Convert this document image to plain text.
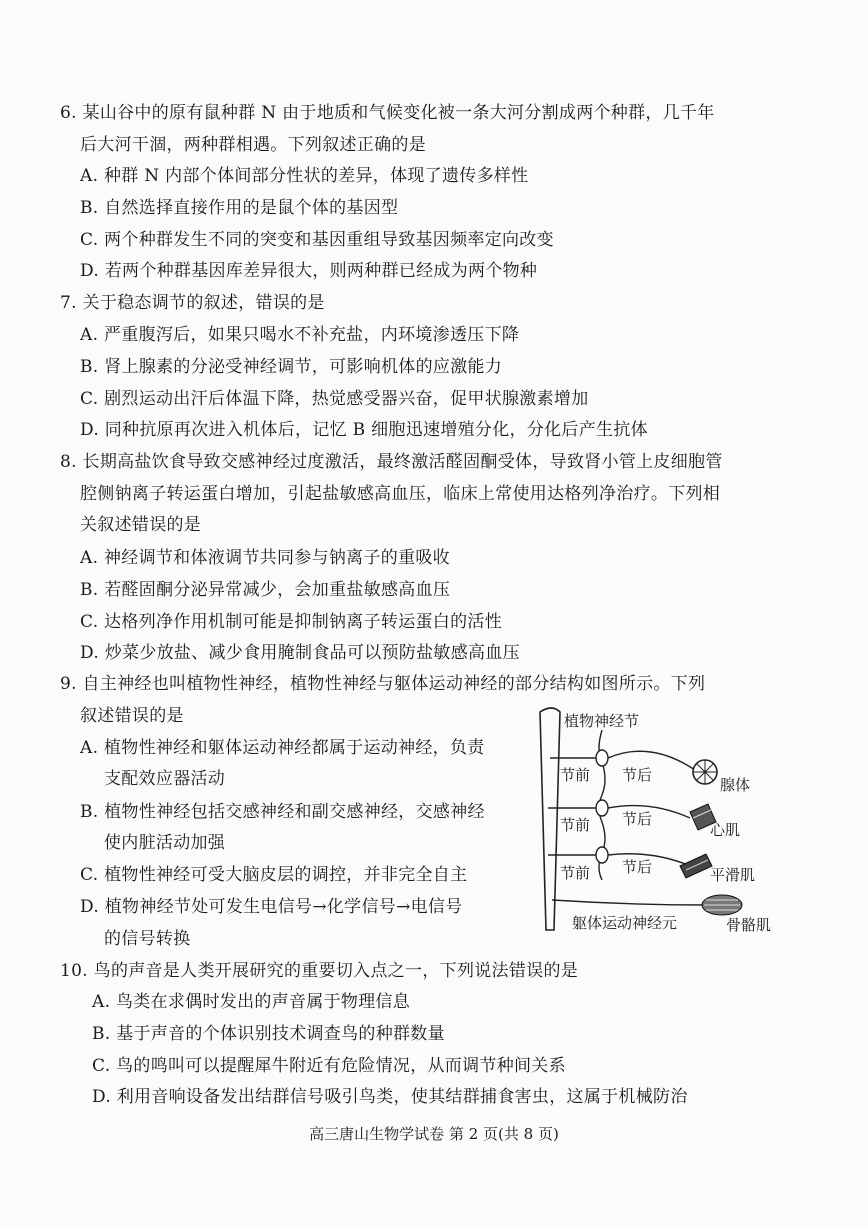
6. 某山谷中的原有鼠种群 N 由于地质和气候变化被一条大河分割成两个种群，几千年
后大河干涸，两种群相遇。下列叙述正确的是
A. 种群 N 内部个体间部分性状的差异，体现了遗传多样性
B. 自然选择直接作用的是鼠个体的基因型
C. 两个种群发生不同的突变和基因重组导致基因频率定向改变
D. 若两个种群基因库差异很大，则两种群已经成为两个物种
7. 关于稳态调节的叙述，错误的是
A. 严重腹泻后，如果只喝水不补充盐，内环境渗透压下降
B. 肾上腺素的分泌受神经调节，可影响机体的应激能力
C. 剧烈运动出汗后体温下降，热觉感受器兴奋，促甲状腺激素增加
D. 同种抗原再次进入机体后，记忆 B 细胞迅速增殖分化，分化后产生抗体
8. 长期高盐饮食导致交感神经过度激活，最终激活醛固酮受体，导致肾小管上皮细胞管
腔侧钠离子转运蛋白增加，引起盐敏感高血压，临床上常使用达格列净治疗。下列相
关叙述错误的是
A. 神经调节和体液调节共同参与钠离子的重吸收
B. 若醛固酮分泌异常减少，会加重盐敏感高血压
C. 达格列净作用机制可能是抑制钠离子转运蛋白的活性
D. 炒菜少放盐、减少食用腌制食品可以预防盐敏感高血压
9. 自主神经也叫植物性神经，植物性神经与躯体运动神经的部分结构如图所示。下列
叙述错误的是
A. 植物性神经和躯体运动神经都属于运动神经，负责
支配效应器活动
B. 植物性神经包括交感神经和副交感神经，交感神经
使内脏活动加强
C. 植物性神经可受大脑皮层的调控，并非完全自主
D. 植物神经节处可发生电信号→化学信号→电信号
的信号转换
植物神经节
节前 节后
腺体
节前 节后
心肌
节前 节后	平滑肌
躯体运动神经元	骨骼肌
10. 鸟的声音是人类开展研究的重要切入点之一，下列说法错误的是
A. 鸟类在求偶时发出的声音属于物理信息
B. 基于声音的个体识别技术调查鸟的种群数量
C. 鸟的鸣叫可以提醒犀牛附近有危险情况，从而调节种间关系
D. 利用音响设备发出结群信号吸引鸟类，使其结群捕食害虫，这属于机械防治
高三唐山生物学试卷 第 2 页(共 8 页)
